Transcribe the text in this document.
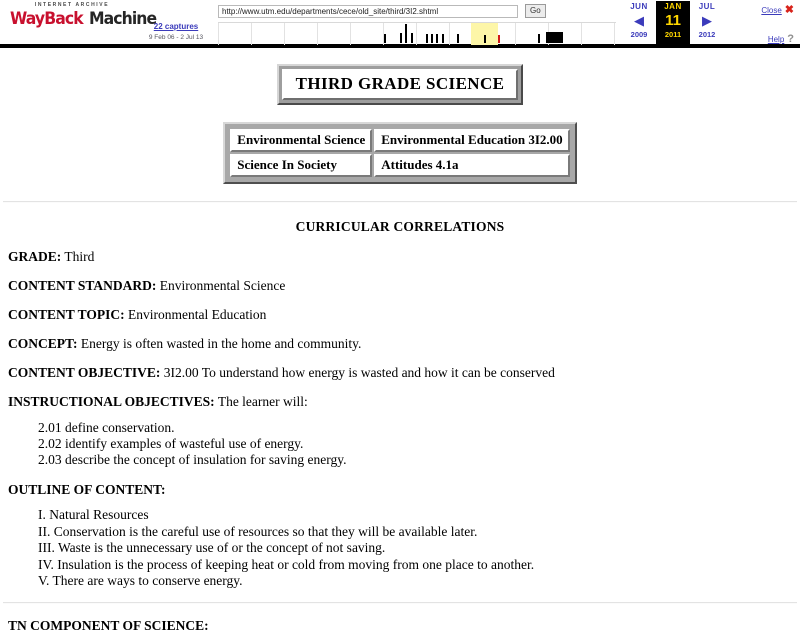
INTERNET ARCHIVE
WayBack Machine
22 captures
9 Feb 06 - 2 Jul 13
http://www.utm.edu/departments/cece/old_site/third/3I2.shtml
Go	JUN
◀
2009
JAN
11
2011
JUL
▶
2012
Close ✖
Help ?
THIRD GRADE SCIENCE
Environmental Science	Environmental Education 3I2.00
Science In Society	Attitudes 4.1a
CURRICULAR CORRELATIONS

GRADE: Third

CONTENT STANDARD: Environmental Science

CONTENT TOPIC: Environmental Education

CONCEPT: Energy is often wasted in the home and community.

CONTENT OBJECTIVE: 3I2.00 To understand how energy is wasted and how it can be conserved

INSTRUCTIONAL OBJECTIVES: The learner will:

2.01 define conservation.
2.02 identify examples of wasteful use of energy.
2.03 describe the concept of insulation for saving energy.

OUTLINE OF CONTENT:

I. Natural Resources
II. Conservation is the careful use of resources so that they will be available later.
III. Waste is the unnecessary use of or the concept of not saving.
IV. Insulation is the process of keeping heat or cold from moving from one place to another.
V. There are ways to conserve energy.
TN COMPONENT OF SCIENCE:
